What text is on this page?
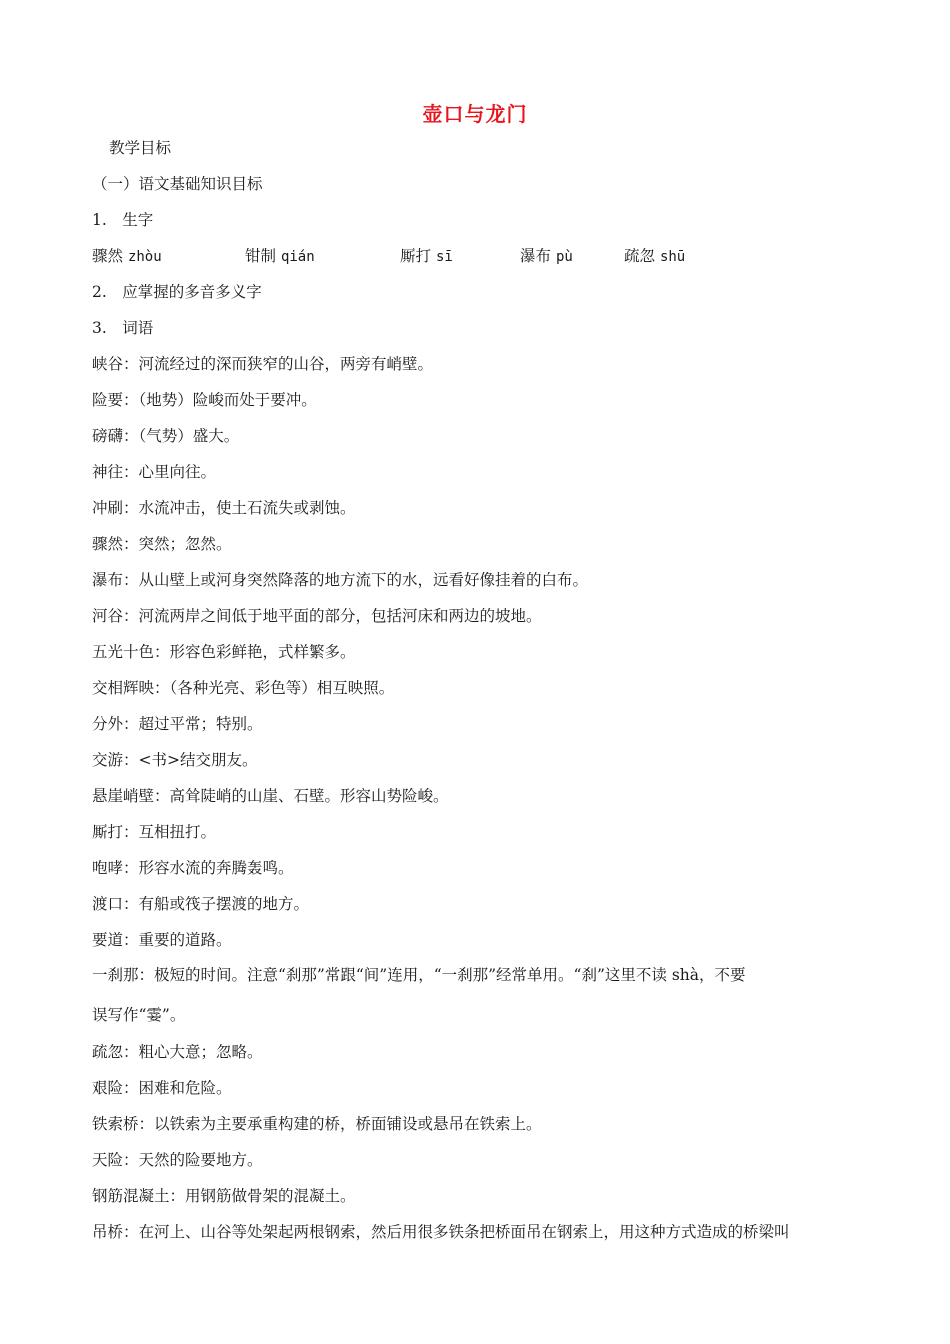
壶口与龙门
教学目标
（一）语文基础知识目标
1.　生字
骤然 zhòu	钳制 qián	厮打 sī	瀑布 pù	疏忽 shū
2.　应掌握的多音多义字
3.　词语
峡谷：河流经过的深而狭窄的山谷，两旁有峭壁。
险要：（地势）险峻而处于要冲。
磅礴：（气势）盛大。
神往：心里向往。
冲刷：水流冲击，使土石流失或剥蚀。
骤然：突然；忽然。
瀑布：从山壁上或河身突然降落的地方流下的水，远看好像挂着的白布。
河谷：河流两岸之间低于地平面的部分，包括河床和两边的坡地。
五光十色：形容色彩鲜艳，式样繁多。
交相辉映：（各种光亮、彩色等）相互映照。
分外：超过平常；特别。
交游：<书>结交朋友。
悬崖峭壁：高耸陡峭的山崖、石壁。形容山势险峻。
厮打：互相扭打。
咆哮：形容水流的奔腾轰鸣。
渡口：有船或筏子摆渡的地方。
要道：重要的道路。
一刹那：极短的时间。注意“刹那”常跟“间”连用，“一刹那”经常单用。“刹”这里不读 shà，不要
误写作“霎”。
疏忽：粗心大意；忽略。
艰险：困难和危险。
铁索桥：以铁索为主要承重构建的桥，桥面铺设或悬吊在铁索上。
天险：天然的险要地方。
钢筋混凝土：用钢筋做骨架的混凝土。
吊桥：在河上、山谷等处架起两根钢索，然后用很多铁条把桥面吊在钢索上，用这种方式造成的桥梁叫
